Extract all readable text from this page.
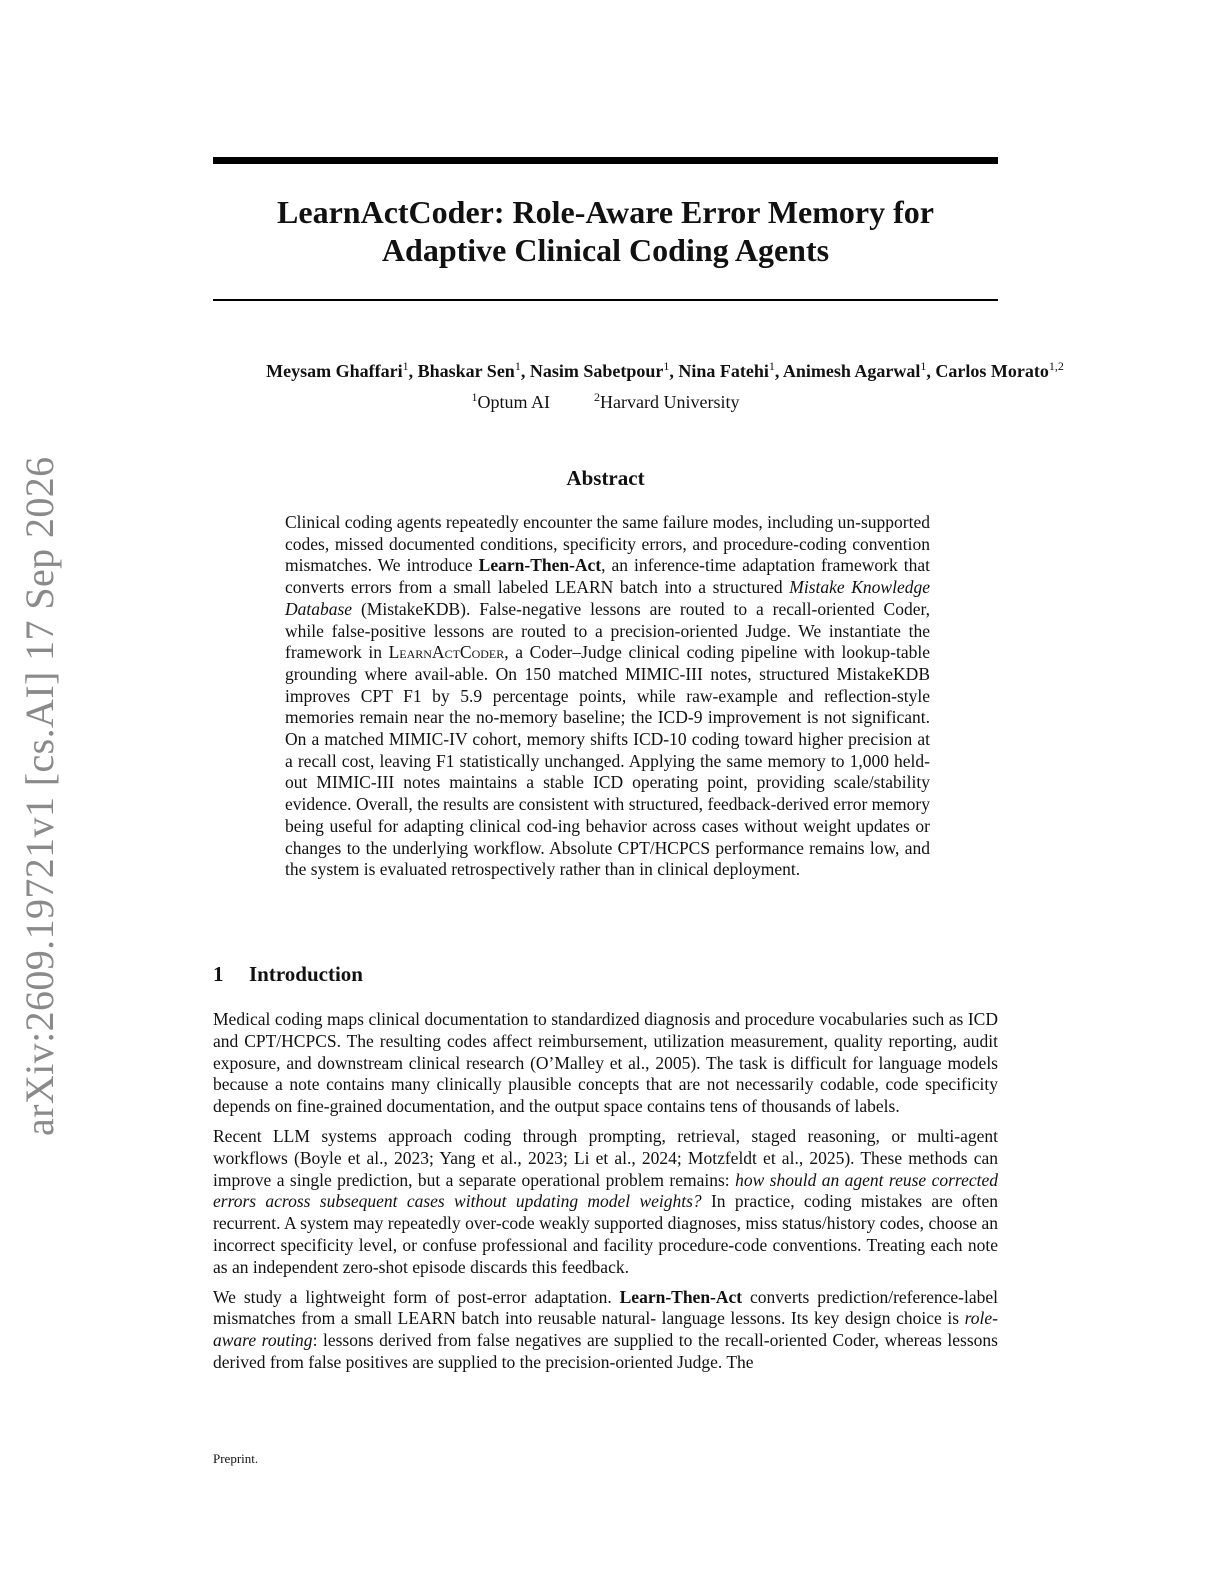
arXiv:2609.19721v1 [cs.AI] 17 Sep 2026
LearnActCoder: Role-Aware Error Memory for
Adaptive Clinical Coding Agents
Meysam Ghaffari$^1$, Bhaskar Sen$^1$, Nasim Sabetpour$^1$, Nina Fatehi$^1$, Animesh Agarwal$^1$, Carlos Morato$^{1,2}$
$^1$Optum AI	$^2$Harvard University
Abstract

Clinical coding agents repeatedly encounter the same failure modes, including un-supported codes, missed documented conditions, specificity errors, and procedure-coding convention mismatches. We introduce Learn-Then-Act, an inference-time adaptation framework that converts errors from a small labeled LEARN batch into a structured Mistake Knowledge Database (MistakeKDB). False-negative lessons are routed to a recall-oriented Coder, while false-positive lessons are routed to a precision-oriented Judge. We instantiate the framework in LearnActCoder, a Coder–Judge clinical coding pipeline with lookup-table grounding where avail-able. On 150 matched MIMIC-III notes, structured MistakeKDB improves CPT F1 by 5.9 percentage points, while raw-example and reflection-style memories remain near the no-memory baseline; the ICD-9 improvement is not significant. On a matched MIMIC-IV cohort, memory shifts ICD-10 coding toward higher precision at a recall cost, leaving F1 statistically unchanged. Applying the same memory to 1,000 held-out MIMIC-III notes maintains a stable ICD operating point, providing scale/stability evidence. Overall, the results are consistent with structured, feedback-derived error memory being useful for adapting clinical cod-ing behavior across cases without weight updates or changes to the underlying workflow. Absolute CPT/HCPCS performance remains low, and the system is evaluated retrospectively rather than in clinical deployment.

1 Introduction

Medical coding maps clinical documentation to standardized diagnosis and procedure vocabularies such as ICD and CPT/HCPCS. The resulting codes affect reimbursement, utilization measurement, quality reporting, audit exposure, and downstream clinical research (O’Malley et al., 2005). The task is difficult for language models because a note contains many clinically plausible concepts that are not necessarily codable, code specificity depends on fine-grained documentation, and the output space contains tens of thousands of labels.

Recent LLM systems approach coding through prompting, retrieval, staged reasoning, or multi-agent workflows (Boyle et al., 2023; Yang et al., 2023; Li et al., 2024; Motzfeldt et al., 2025). These methods can improve a single prediction, but a separate operational problem remains: how should an agent reuse corrected errors across subsequent cases without updating model weights? In practice, coding mistakes are often recurrent. A system may repeatedly over-code weakly supported diagnoses, miss status/history codes, choose an incorrect specificity level, or confuse professional and facility procedure-code conventions. Treating each note as an independent zero-shot episode discards this feedback.

We study a lightweight form of post-error adaptation. Learn-Then-Act converts prediction/reference-label mismatches from a small LEARN batch into reusable natural- language lessons. Its key design choice is role-aware routing: lessons derived from false negatives are supplied to the recall-oriented Coder, whereas lessons derived from false positives are supplied to the precision-oriented Judge. The

Preprint.
